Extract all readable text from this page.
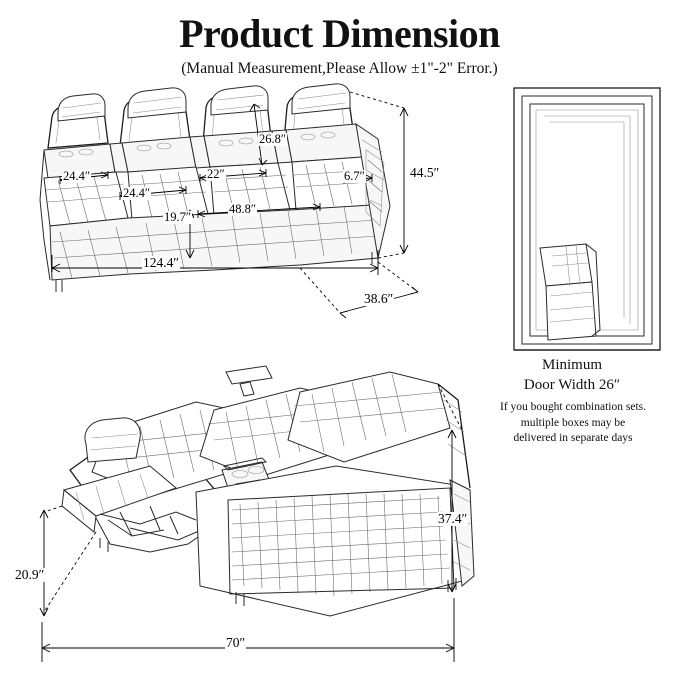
Product Dimension
(Manual Measurement,Please Allow ±1"-2" Error.)
24.4″
24.4″
22″
26.8″
6.7″	44.5″
19.7″
48.8″
124.4″
38.6″
37.4″
20.9″
70″
Minimum
Door Width 26″
If you bought combination sets.
multiple boxes may be
delivered in separate days
